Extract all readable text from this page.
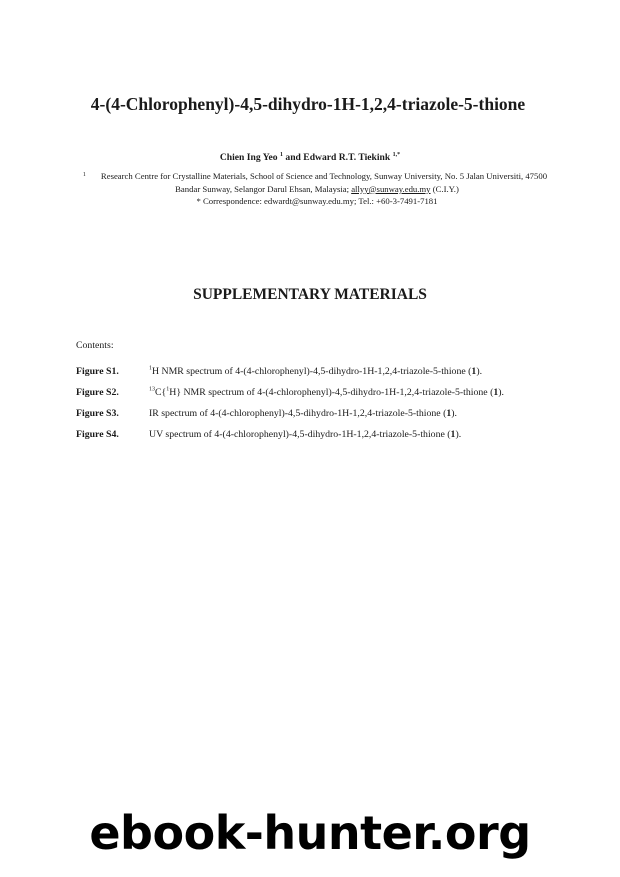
4-(4-Chlorophenyl)-4,5-dihydro-1H-1,2,4-triazole-5-thione
Chien Ing Yeo $^1$ and Edward R.T. Tiekink $^{1,*}$
1 Research Centre for Crystalline Materials, School of Science and Technology, Sunway University, No. 5 Jalan Universiti, 47500 Bandar Sunway, Selangor Darul Ehsan, Malaysia; allyy@sunway.edu.my (C.I.Y.)
* Correspondence: edwardt@sunway.edu.my; Tel.: +60-3-7491-7181
SUPPLEMENTARY MATERIALS
Contents:
Figure S1.	$^1$H NMR spectrum of 4-(4-chlorophenyl)-4,5-dihydro-1H-1,2,4-triazole-5-thione (1).
Figure S2.	$^{13}$C{$^1$H} NMR spectrum of 4-(4-chlorophenyl)-4,5-dihydro-1H-1,2,4-triazole-5-thione (1).
Figure S3.	IR spectrum of 4-(4-chlorophenyl)-4,5-dihydro-1H-1,2,4-triazole-5-thione (1).
Figure S4.	UV spectrum of 4-(4-chlorophenyl)-4,5-dihydro-1H-1,2,4-triazole-5-thione (1).
ebook-hunter.org
